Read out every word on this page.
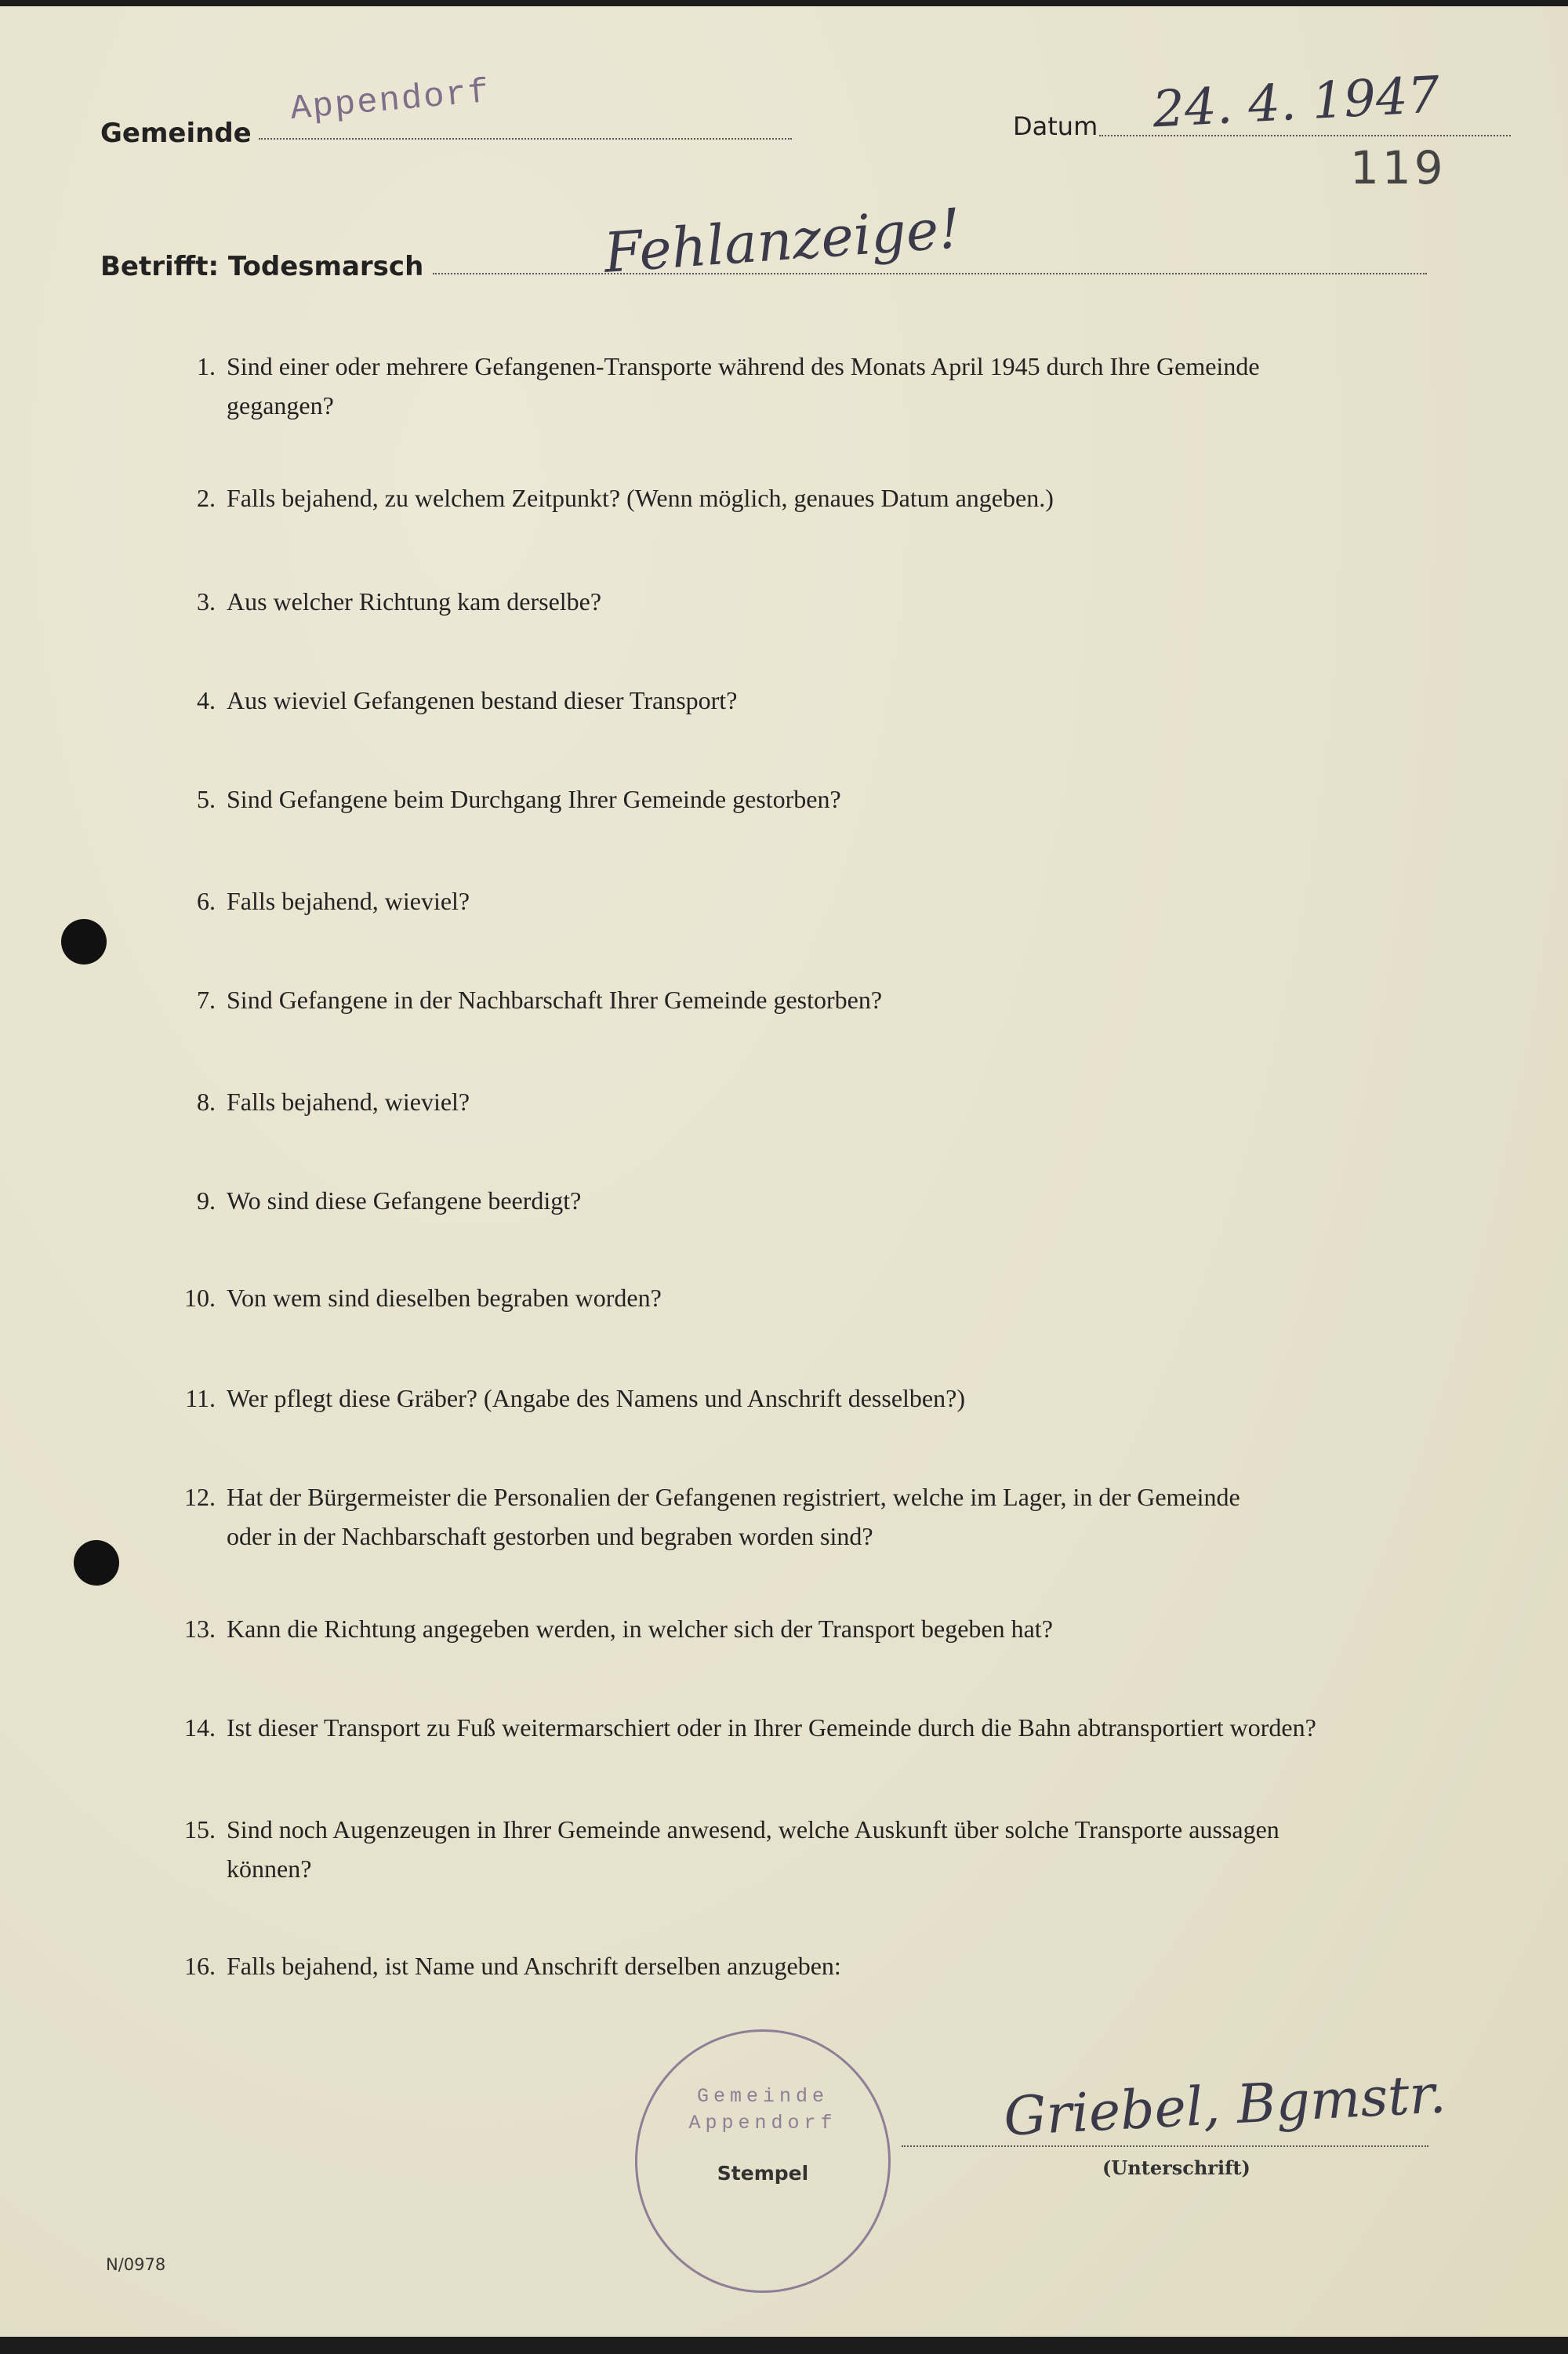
Gemeinde
Appendorf	Datum 24. 4. 1947
119
Betrifft: Todesmarsch	Fehlanzeige!
1. Sind einer oder mehrere Gefangenen-Transporte während des Monats April 1945 durch Ihre Gemeinde
gegangen?
2. Falls bejahend, zu welchem Zeitpunkt? (Wenn möglich, genaues Datum angeben.)
3. Aus welcher Richtung kam derselbe?
4. Aus wieviel Gefangenen bestand dieser Transport?
5. Sind Gefangene beim Durchgang Ihrer Gemeinde gestorben?
6. Falls bejahend, wieviel?
7. Sind Gefangene in der Nachbarschaft Ihrer Gemeinde gestorben?
8. Falls bejahend, wieviel?
9. Wo sind diese Gefangene beerdigt?
10. Von wem sind dieselben begraben worden?
11. Wer pflegt diese Gräber? (Angabe des Namens und Anschrift desselben?)
12. Hat der Bürgermeister die Personalien der Gefangenen registriert, welche im Lager, in der Gemeinde
oder in der Nachbarschaft gestorben und begraben worden sind?
13. Kann die Richtung angegeben werden, in welcher sich der Transport begeben hat?
14. Ist dieser Transport zu Fuß weitermarschiert oder in Ihrer Gemeinde durch die Bahn abtransportiert worden?
15. Sind noch Augenzeugen in Ihrer Gemeinde anwesend, welche Auskunft über solche Transporte aussagen
können?
16. Falls bejahend, ist Name und Anschrift derselben anzugeben:
Gemeinde
Appendorf
Stempel
Griebel, Bgmstr.
(Unterschrift)
N/0978
